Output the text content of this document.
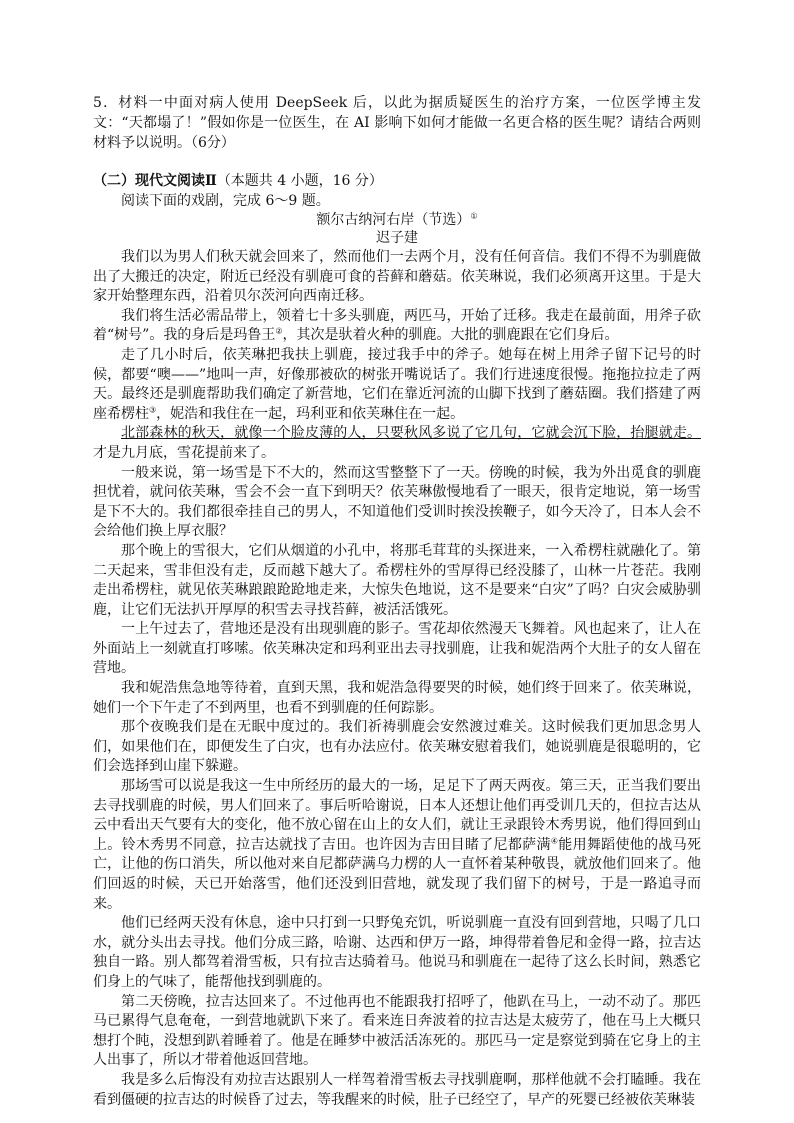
5．材料一中面对病人使用 DeepSeek 后，以此为据质疑医生的治疗方案，一位医学博主发文：“天都塌了！”假如你是一位医生，在 AI 影响下如何才能做一名更合格的医生呢？请结合两则材料予以说明。（6分）

（二）现代文阅读Ⅱ（本题共 4 小题，16 分）

阅读下面的戏剧，完成 6～9 题。

额尔古纳河右岸（节选）①

迟子建

我们以为男人们秋天就会回来了，然而他们一去两个月，没有任何音信。我们不得不为驯鹿做出了大搬迁的决定，附近已经没有驯鹿可食的苔藓和蘑菇。依芙琳说，我们必须离开这里。于是大家开始整理东西，沿着贝尔茨河向西南迁移。

我们将生活必需品带上，领着七十多头驯鹿，两匹马，开始了迁移。我走在最前面，用斧子砍着“树号”。我的身后是玛鲁王②，其次是驮着火种的驯鹿。大批的驯鹿跟在它们身后。

走了几小时后，依芙琳把我扶上驯鹿，接过我手中的斧子。她每在树上用斧子留下记号的时候，都要“噢——”地叫一声，好像那被砍的树张开嘴说话了。我们行进速度很慢。拖拖拉拉走了两天。最终还是驯鹿帮助我们确定了新营地，它们在靠近河流的山脚下找到了蘑菇圈。我们搭建了两座希楞柱③，妮浩和我住在一起，玛利亚和依芙琳住在一起。

北部森林的秋天，就像一个脸皮薄的人，只要秋风多说了它几句，它就会沉下脸，抬腿就走。才是九月底，雪花提前来了。

一般来说，第一场雪是下不大的，然而这雪整整下了一天。傍晚的时候，我为外出觅食的驯鹿担忧着，就问依芙琳，雪会不会一直下到明天？依芙琳傲慢地看了一眼天，很肯定地说，第一场雪是下不大的。我们都很牵挂自己的男人，不知道他们受训时挨没挨鞭子，如今天冷了，日本人会不会给他们换上厚衣服？

那个晚上的雪很大，它们从烟道的小孔中，将那毛茸茸的头探进来，一入希楞柱就融化了。第二天起来，雪非但没有走，反而越下越大了。希楞柱外的雪厚得已经没膝了，山林一片苍茫。我刚走出希楞柱，就见依芙琳踉踉跄跄地走来，大惊失色地说，这不是要来“白灾”了吗？白灾会威胁驯鹿，让它们无法扒开厚厚的积雪去寻找苔藓，被活活饿死。

一上午过去了，营地还是没有出现驯鹿的影子。雪花却依然漫天飞舞着。风也起来了，让人在外面站上一刻就直打哆嗦。依芙琳决定和玛利亚出去寻找驯鹿，让我和妮浩两个大肚子的女人留在营地。

我和妮浩焦急地等待着，直到天黑，我和妮浩急得要哭的时候，她们终于回来了。依芙琳说，她们一个下午走了不到两里，也看不到驯鹿的任何踪影。

那个夜晚我们是在无眠中度过的。我们祈祷驯鹿会安然渡过难关。这时候我们更加思念男人们，如果他们在，即便发生了白灾，也有办法应付。依芙琳安慰着我们，她说驯鹿是很聪明的，它们会选择到山崖下躲避。

那场雪可以说是我这一生中所经历的最大的一场，足足下了两天两夜。第三天，正当我们要出去寻找驯鹿的时候，男人们回来了。事后听哈谢说，日本人还想让他们再受训几天的，但拉吉达从云中看出天气要有大的变化，他不放心留在山上的女人们，就让王录跟铃木秀男说，他们得回到山上。铃木秀男不同意，拉吉达就找了吉田。也许因为吉田目睹了尼都萨满④能用舞蹈使他的战马死亡，让他的伤口消失，所以他对来自尼都萨满乌力楞的人一直怀着某种敬畏，就放他们回来了。他们回返的时候，天已开始落雪，他们还没到旧营地，就发现了我们留下的树号，于是一路追寻而来。

他们已经两天没有休息，途中只打到一只野兔充饥，听说驯鹿一直没有回到营地，只喝了几口水，就分头出去寻找。他们分成三路，哈谢、达西和伊万一路，坤得带着鲁尼和金得一路，拉吉达独自一路。别人都驾着滑雪板，只有拉吉达骑着马。他说马和驯鹿在一起待了这么长时间，熟悉它们身上的气味了，能帮他找到驯鹿的。

第二天傍晚，拉吉达回来了。不过他再也不能跟我打招呼了，他趴在马上，一动不动了。那匹马已累得气息奄奄，一到营地就趴下来了。看来连日奔波着的拉吉达是太疲劳了，他在马上大概只想打个盹，没想到趴着睡着了。他是在睡梦中被活活冻死的。那匹马一定是察觉到骑在它身上的主人出事了，所以才带着他返回营地。

我是多么后悔没有劝拉吉达跟别人一样驾着滑雪板去寻找驯鹿啊，那样他就不会打瞌睡。我在看到僵硬的拉吉达的时候昏了过去，等我醒来的时候，肚子已经空了，早产的死婴已经被依芙琳装
